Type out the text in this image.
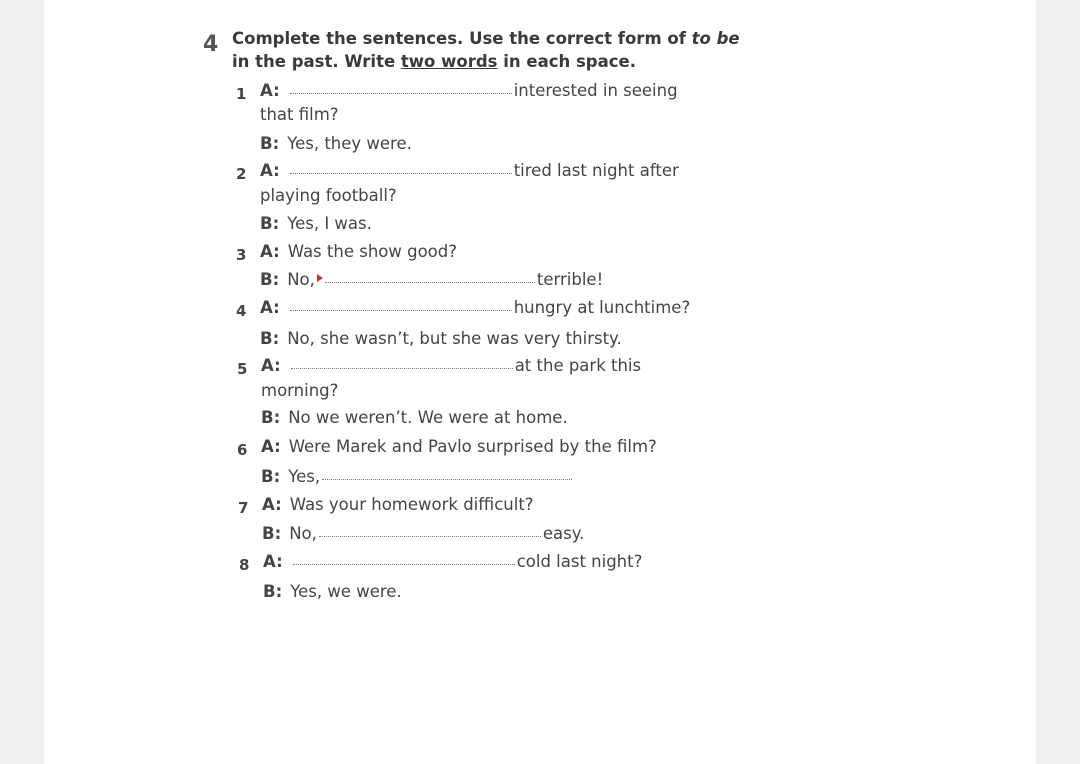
4 Complete the sentences. Use the correct form of to be
in the past. Write two words in each space.
1 A:	interested in seeing
that film?
B: Yes, they were.
2 A:	tired last night after
playing football?
B: Yes, I was.
3 A: Was the show good?
B: No,	terrible!
4 A:	hungry at lunchtime?
B: No, she wasn’t, but she was very thirsty.
5 A:	at the park this
morning?
B: No we weren’t. We were at home.
6 A: Were Marek and Pavlo surprised by the film?
B: Yes,
7 A: Was your homework difficult?
B: No,	easy.
8 A:	cold last night?
B: Yes, we were.
